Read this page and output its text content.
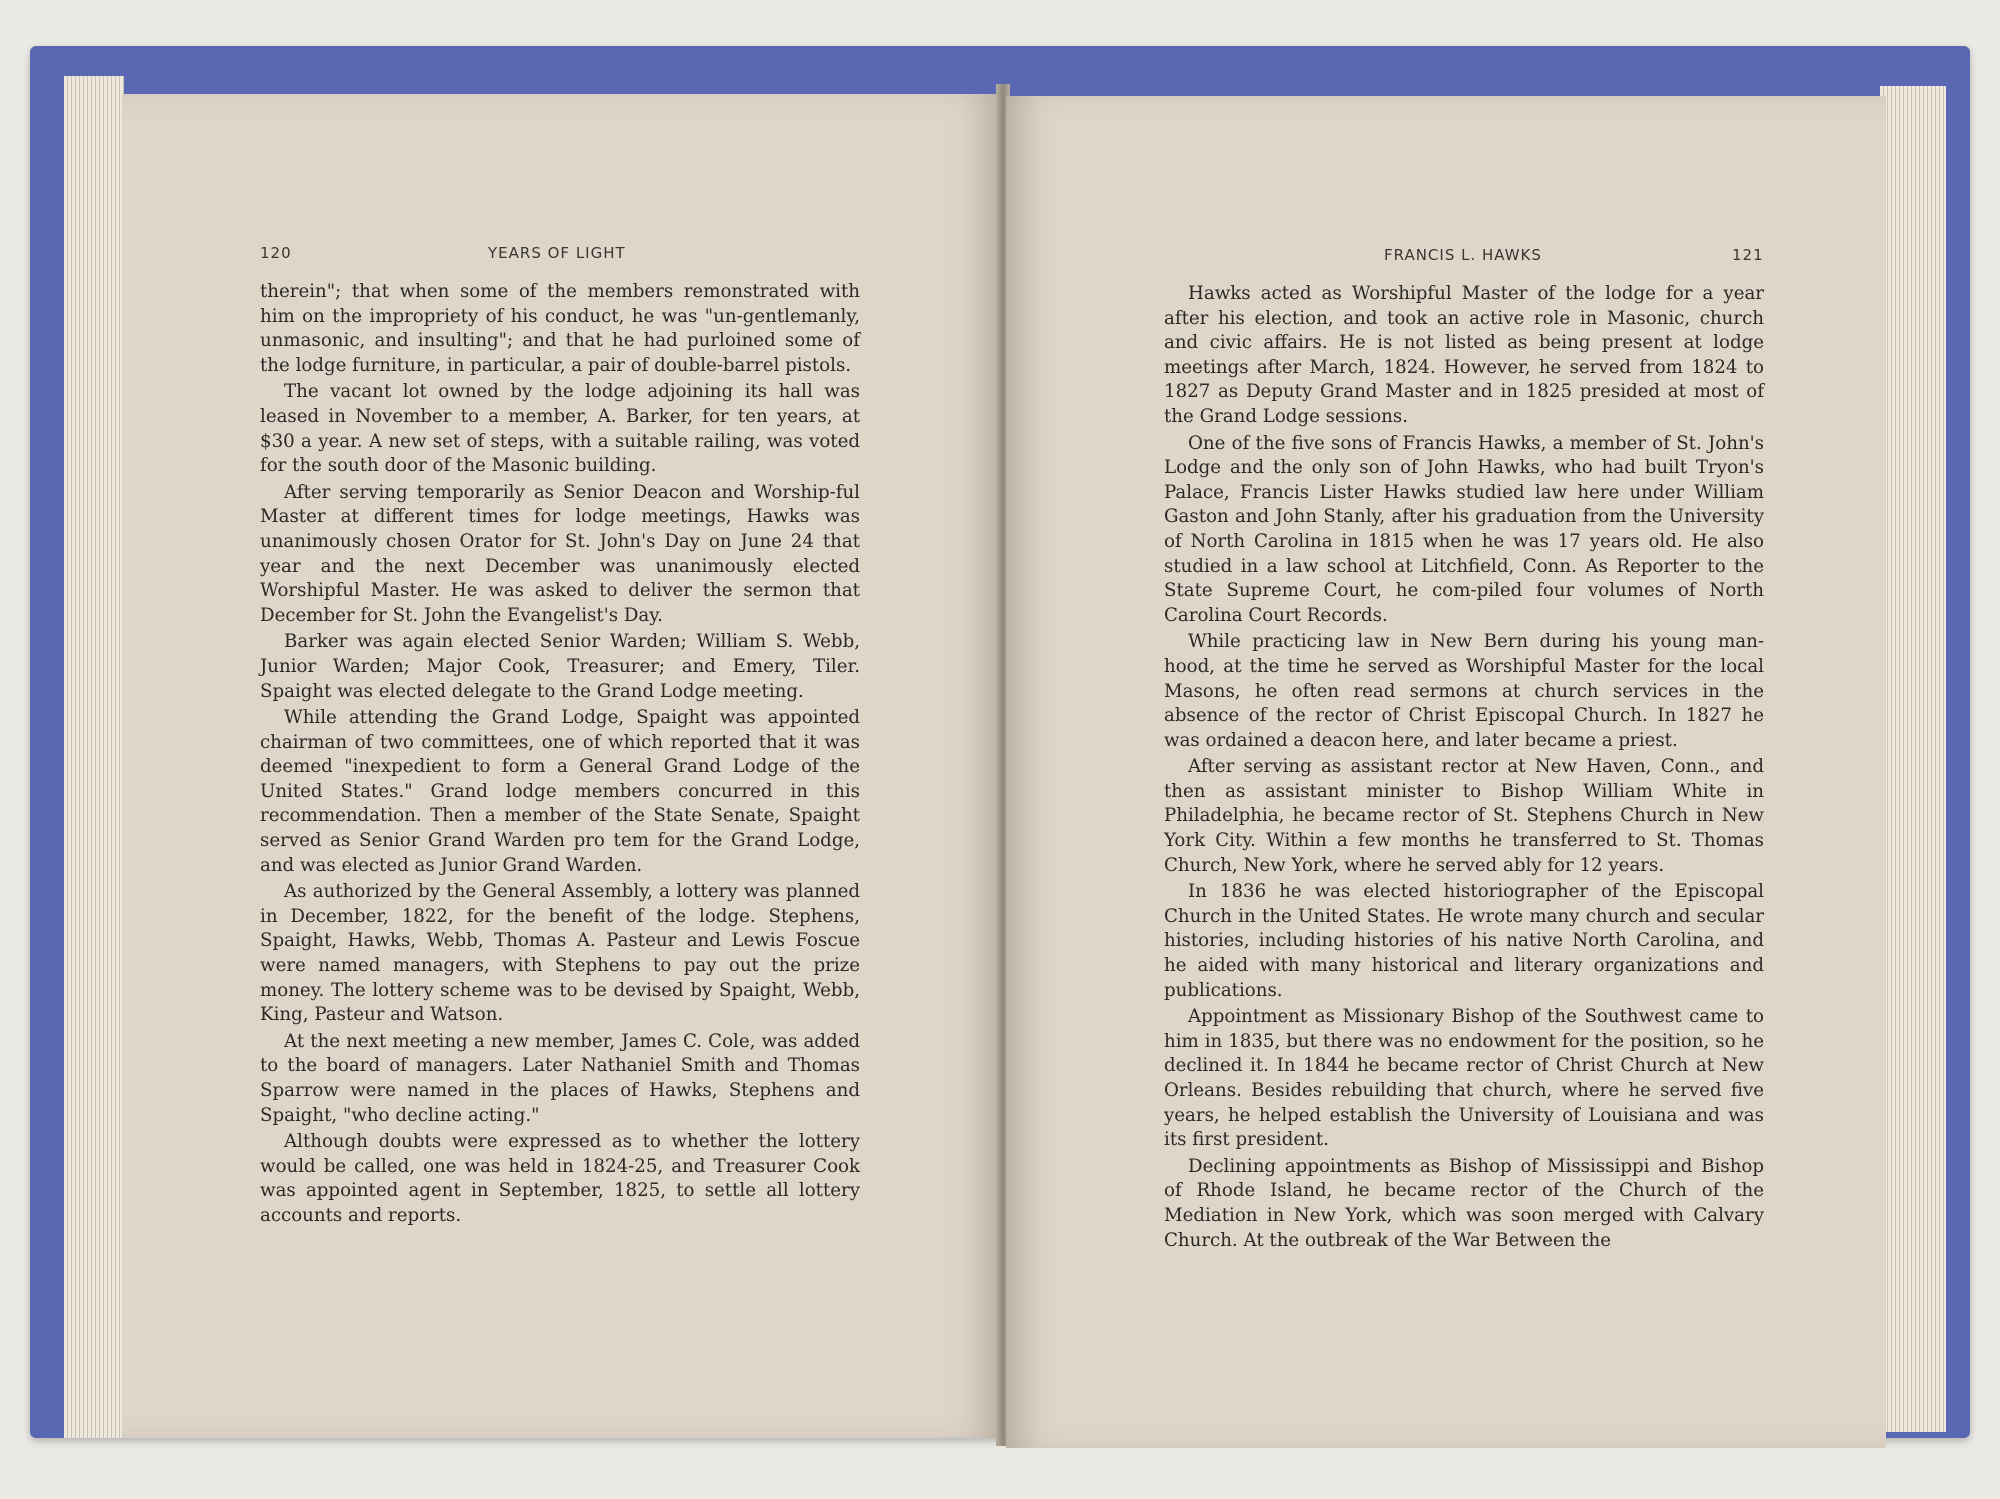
120	YEARS OF LIGHT

therein"; that when some of the members remonstrated with him on the impropriety of his conduct, he was "un-gentlemanly, unmasonic, and insulting"; and that he had purloined some of the lodge furniture, in particular, a pair of double-barrel pistols.

The vacant lot owned by the lodge adjoining its hall was leased in November to a member, A. Barker, for ten years, at $30 a year. A new set of steps, with a suitable railing, was voted for the south door of the Masonic building.

After serving temporarily as Senior Deacon and Worship-ful Master at different times for lodge meetings, Hawks was unanimously chosen Orator for St. John's Day on June 24 that year and the next December was unanimously elected Worshipful Master. He was asked to deliver the sermon that December for St. John the Evangelist's Day.

Barker was again elected Senior Warden; William S. Webb, Junior Warden; Major Cook, Treasurer; and Emery, Tiler. Spaight was elected delegate to the Grand Lodge meeting.

While attending the Grand Lodge, Spaight was appointed chairman of two committees, one of which reported that it was deemed "inexpedient to form a General Grand Lodge of the United States." Grand lodge members concurred in this recommendation. Then a member of the State Senate, Spaight served as Senior Grand Warden pro tem for the Grand Lodge, and was elected as Junior Grand Warden.

As authorized by the General Assembly, a lottery was planned in December, 1822, for the benefit of the lodge. Stephens, Spaight, Hawks, Webb, Thomas A. Pasteur and Lewis Foscue were named managers, with Stephens to pay out the prize money. The lottery scheme was to be devised by Spaight, Webb, King, Pasteur and Watson.

At the next meeting a new member, James C. Cole, was added to the board of managers. Later Nathaniel Smith and Thomas Sparrow were named in the places of Hawks, Stephens and Spaight, "who decline acting."

Although doubts were expressed as to whether the lottery would be called, one was held in 1824-25, and Treasurer Cook was appointed agent in September, 1825, to settle all lottery accounts and reports.

FRANCIS L. HAWKS	121

Hawks acted as Worshipful Master of the lodge for a year after his election, and took an active role in Masonic, church and civic affairs. He is not listed as being present at lodge meetings after March, 1824. However, he served from 1824 to 1827 as Deputy Grand Master and in 1825 presided at most of the Grand Lodge sessions.

One of the five sons of Francis Hawks, a member of St. John's Lodge and the only son of John Hawks, who had built Tryon's Palace, Francis Lister Hawks studied law here under William Gaston and John Stanly, after his graduation from the University of North Carolina in 1815 when he was 17 years old. He also studied in a law school at Litchfield, Conn. As Reporter to the State Supreme Court, he com-piled four volumes of North Carolina Court Records.

While practicing law in New Bern during his young man-hood, at the time he served as Worshipful Master for the local Masons, he often read sermons at church services in the absence of the rector of Christ Episcopal Church. In 1827 he was ordained a deacon here, and later became a priest.

After serving as assistant rector at New Haven, Conn., and then as assistant minister to Bishop William White in Philadelphia, he became rector of St. Stephens Church in New York City. Within a few months he transferred to St. Thomas Church, New York, where he served ably for 12 years.

In 1836 he was elected historiographer of the Episcopal Church in the United States. He wrote many church and secular histories, including histories of his native North Carolina, and he aided with many historical and literary organizations and publications.

Appointment as Missionary Bishop of the Southwest came to him in 1835, but there was no endowment for the position, so he declined it. In 1844 he became rector of Christ Church at New Orleans. Besides rebuilding that church, where he served five years, he helped establish the University of Louisiana and was its first president.

Declining appointments as Bishop of Mississippi and Bishop of Rhode Island, he became rector of the Church of the Mediation in New York, which was soon merged with Calvary Church. At the outbreak of the War Between the
